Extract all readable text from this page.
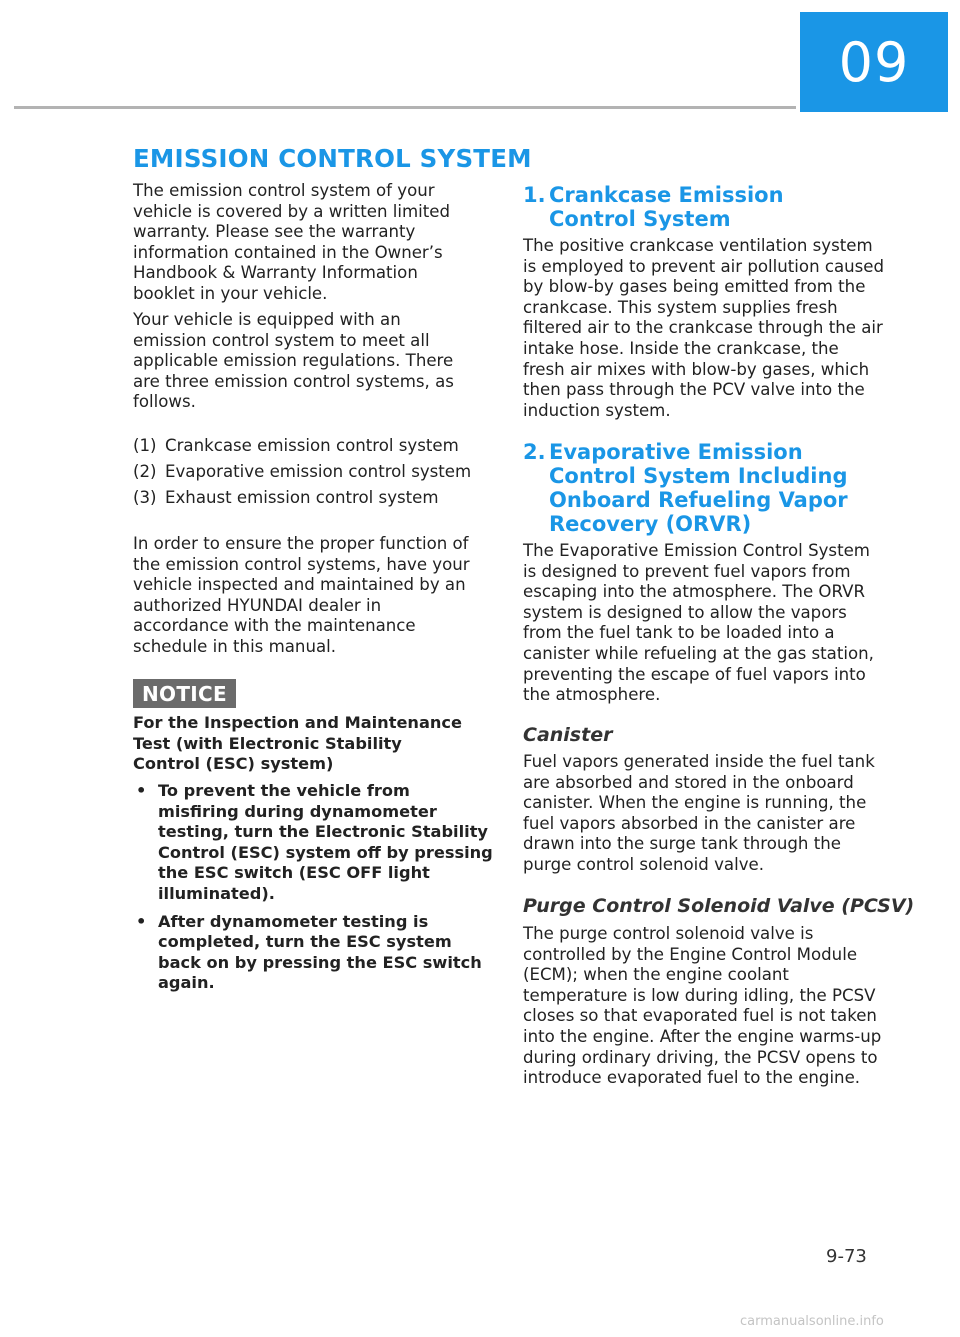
09
EMISSION CONTROL SYSTEM

The emission control system of your vehicle is covered by a written limited warranty. Please see the warranty information contained in the Owner’s Handbook & Warranty Information booklet in your vehicle.

Your vehicle is equipped with an emission control system to meet all applicable emission regulations. There are three emission control systems, as follows.

(1) Crankcase emission control system
(2) Evaporative emission control system
(3) Exhaust emission control system

In order to ensure the proper function of the emission control systems, have your vehicle inspected and maintained by an authorized HYUNDAI dealer in accordance with the maintenance schedule in this manual.

NOTICE

For the Inspection and Maintenance Test (with Electronic Stability Control (ESC) system)

• To prevent the vehicle from misfiring during dynamometer testing, turn the Electronic Stability Control (ESC) system off by pressing the ESC switch (ESC OFF light illuminated).
• After dynamometer testing is completed, turn the ESC system back on by pressing the ESC switch again.
1. Crankcase Emission Control System

The positive crankcase ventilation system is employed to prevent air pollution caused by blow-by gases being emitted from the crankcase. This system supplies fresh filtered air to the crankcase through the air intake hose. Inside the crankcase, the fresh air mixes with blow-by gases, which then pass through the PCV valve into the induction system.

2. Evaporative Emission Control System Including Onboard Refueling Vapor Recovery (ORVR)

The Evaporative Emission Control System is designed to prevent fuel vapors from escaping into the atmosphere. The ORVR system is designed to allow the vapors from the fuel tank to be loaded into a canister while refueling at the gas station, preventing the escape of fuel vapors into the atmosphere.

Canister

Fuel vapors generated inside the fuel tank are absorbed and stored in the onboard canister. When the engine is running, the fuel vapors absorbed in the canister are drawn into the surge tank through the purge control solenoid valve.

Purge Control Solenoid Valve (PCSV)

The purge control solenoid valve is controlled by the Engine Control Module (ECM); when the engine coolant temperature is low during idling, the PCSV closes so that evaporated fuel is not taken into the engine. After the engine warms-up during ordinary driving, the PCSV opens to introduce evaporated fuel to the engine.

9-73
carmanualsonline.info
